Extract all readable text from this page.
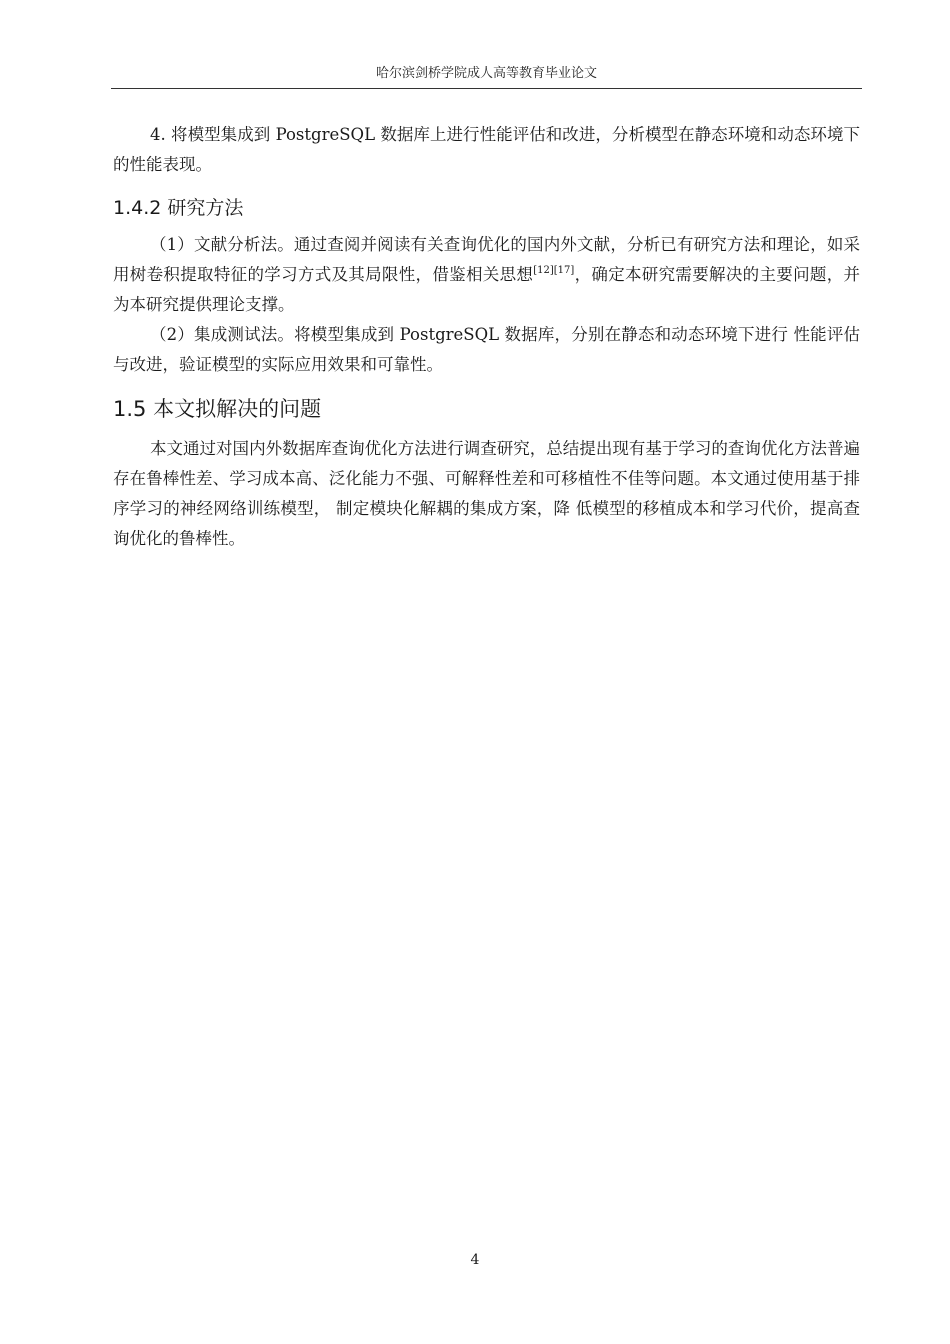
哈尔滨剑桥学院成人高等教育毕业论文

4. 将模型集成到 PostgreSQL 数据库上进行性能评估和改进，分析模型在静态环境和动态环境下的性能表现。

1.4.2 研究方法

（1）文献分析法。通过查阅并阅读有关查询优化的国内外文献，分析已有研究方法和理论，如采用树卷积提取特征的学习方式及其局限性，借鉴相关思想[12][17]，确定本研究需要解决的主要问题，并为本研究提供理论支撑。

（2）集成测试法。将模型集成到 PostgreSQL 数据库，分别在静态和动态环境下进行 性能评估与改进，验证模型的实际应用效果和可靠性。

1.5 本文拟解决的问题

本文通过对国内外数据库查询优化方法进行调查研究，总结提出现有基于学习的查询优化方法普遍存在鲁棒性差、学习成本高、泛化能力不强、可解释性差和可移植性不佳等问题。本文通过使用基于排序学习的神经网络训练模型， 制定模块化解耦的集成方案，降 低模型的移植成本和学习代价，提高查询优化的鲁棒性。

4
